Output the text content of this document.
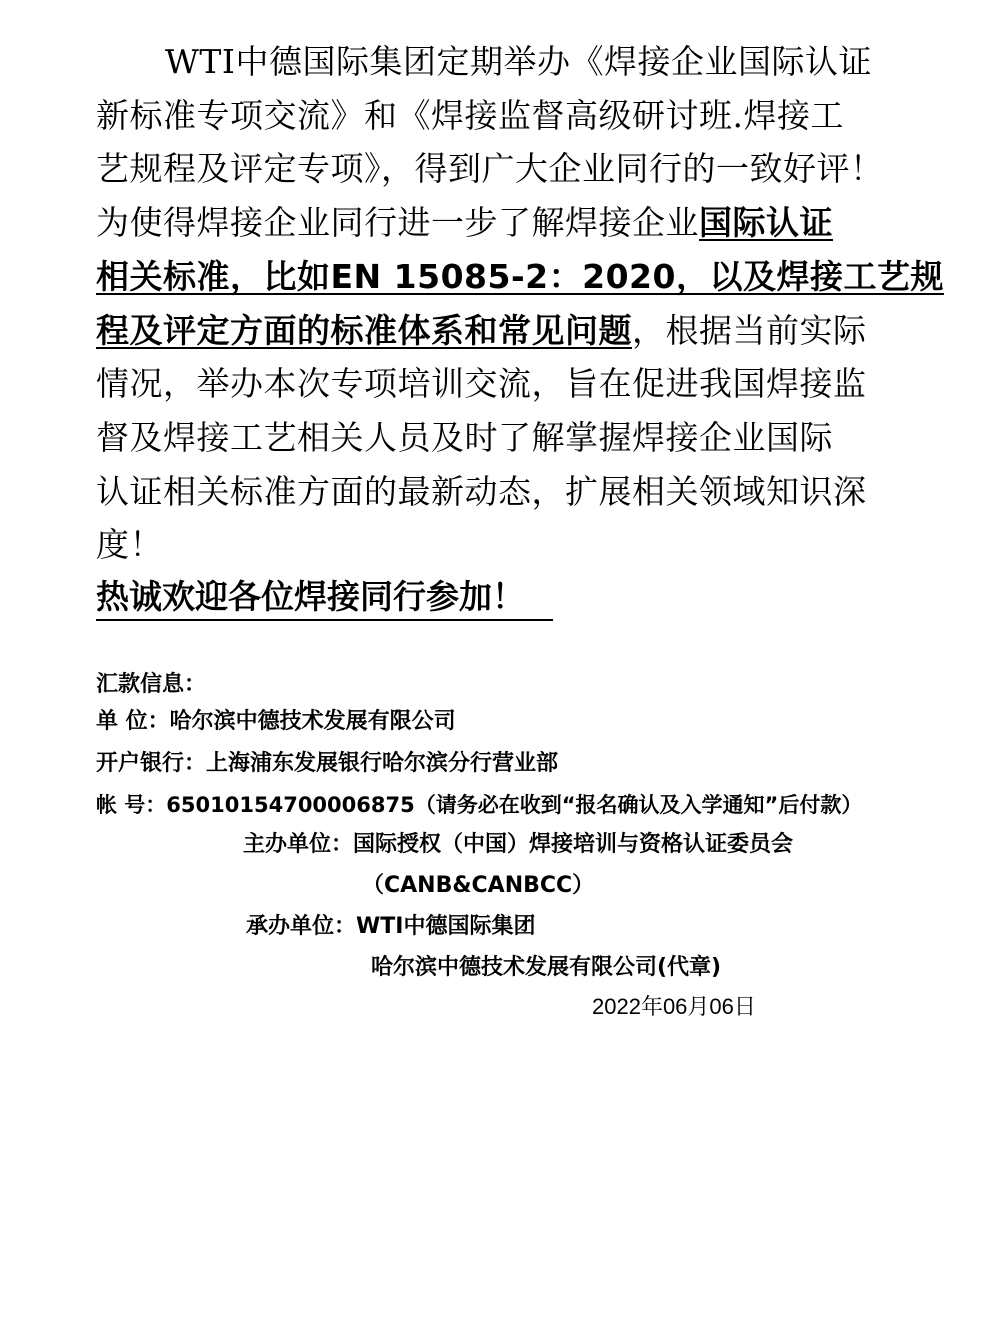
WTI中德国际集团定期举办《焊接企业国际认证
新标准专项交流》和《焊接监督高级研讨班.焊接工
艺规程及评定专项》，得到广大企业同行的一致好评！
为使得焊接企业同行进一步了解焊接企业国际认证
相关标准，比如EN 15085-2：2020，以及焊接工艺规
程及评定方面的标准体系和常见问题，根据当前实际
情况，举办本次专项培训交流，旨在促进我国焊接监
督及焊接工艺相关人员及时了解掌握焊接企业国际
认证相关标准方面的最新动态，扩展相关领域知识深
度！
热诚欢迎各位焊接同行参加！
汇款信息：
单 位：哈尔滨中德技术发展有限公司
开户银行：上海浦东发展银行哈尔滨分行营业部
帐 号：65010154700006875（请务必在收到“报名确认及入学通知”后付款）
主办单位：国际授权（中国）焊接培训与资格认证委员会
（CANB&CANBCC）
承办单位：WTI中德国际集团
哈尔滨中德技术发展有限公司(代章)
2022年06月06日
